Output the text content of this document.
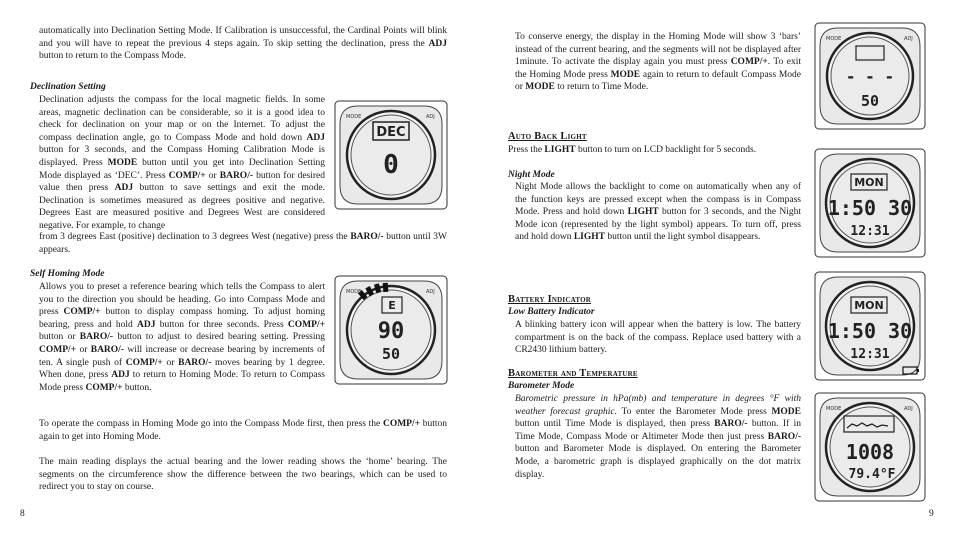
automatically into Declination Setting Mode. If Calibration is unsuccessful, the Cardinal Points will blink and you will have to repeat the previous 4 steps again. To skip setting the declination, press the ADJ button to return to the Compass Mode.

Declination Setting

Declination adjusts the compass for the local magnetic fields. In some areas, magnetic declination can be considerable, so it is a good idea to check for declination on your map or on the Internet. To adjust the compass declination angle, go to Compass Mode and hold down ADJ button for 3 seconds, and the Compass Homing Calibration Mode is displayed. Press MODE button until you get into Declination Setting Mode displayed as ‘DEC’. Press COMP/+ or BARO/- button for desired value then press ADJ button to save settings and exit the mode. Declination is sometimes measured as degrees positive and negative. Degrees East are measured positive and Degrees West are considered negative. For example, to change

from 3 degrees East (positive) declination to 3 degrees West (negative) press the BARO/- button until 3W appears.

Self Homing Mode

Allows you to preset a reference bearing which tells the Compass to alert you to the direction you should be heading. Go into Compass Mode and press COMP/+ button to display compass homing. To adjust homing bearing, press and hold ADJ button for three seconds. Press COMP/+ button or BARO/- button to adjust to desired bearing setting. Pressing COMP/+ or BARO/- will increase or decrease bearing by increments of ten. A single push of COMP/+ or BARO/- moves bearing by 1 degree. When done, press ADJ to return to Homing Mode. To return to Compass Mode press COMP/+ button.

To operate the compass in Homing Mode go into the Compass Mode first, then press the COMP/+ button again to get into Homing Mode.

The main reading displays the actual bearing and the lower reading shows the ‘home’ bearing. The segments on the circumference show the difference between the two bearings, which can be used to redirect you to stay on course.

8
MODE	ADJ
DEC
0
MODE	ADJ
E
90
50

To conserve energy, the display in the Homing Mode will show 3 ‘bars’ instead of the current bearing, and the segments will not be displayed after 1minute. To activate the display again you must press COMP/+. To exit the Homing Mode press MODE again to return to default Compass Mode or MODE to return to Time Mode.

Auto Back Light

Press the LIGHT button to turn on LCD backlight for 5 seconds.

Night Mode

Night Mode allows the backlight to come on automatically when any of the function keys are pressed except when the compass is in Compass Mode. Press and hold down LIGHT button for 3 seconds, and the Night Mode icon (represented by the light symbol) appears. To turn off, press and hold down LIGHT button until the light symbol disappears.

Battery Indicator
Low Battery Indicator

A blinking battery icon will appear when the battery is low. The battery compartment is on the back of the compass. Replace used battery with a CR2430 lithium battery.

Barometer and Temperature
Barometer Mode

Barometric pressure in hPa(mb) and temperature in degrees °F with weather forecast graphic. To enter the Barometer Mode press MODE button until Time Mode is displayed, then press BARO/- button. If in Time Mode, Compass Mode or Altimeter Mode then just press BARO/- button and Barometer Mode is displayed. On entering the Barometer Mode, a barometric graph is displayed graphically on the dot matrix display.

9
MODE	ADJ
- - -
50
MON
1:50 30
12:31
MON
1:50 30
12:31
MODE	ADJ
1008
79.4°F
